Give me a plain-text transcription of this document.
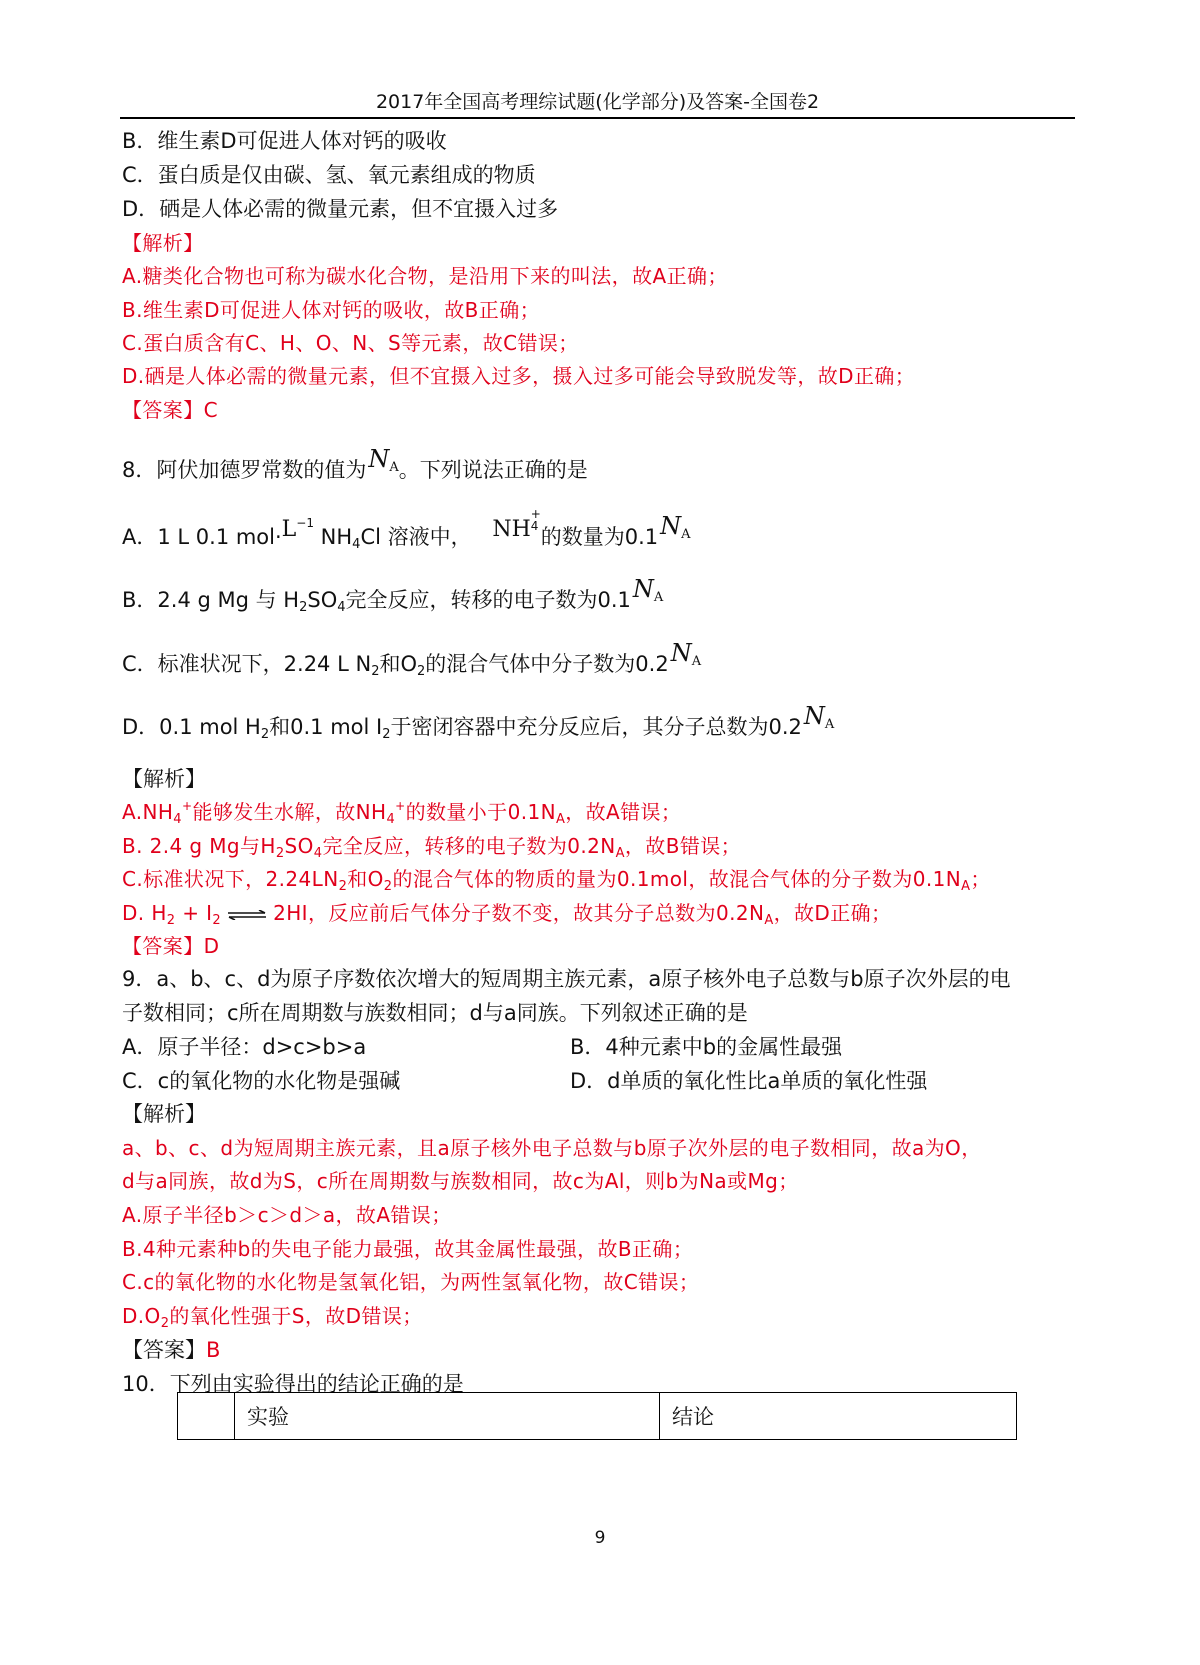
2017年全国高考理综试题(化学部分)及答案-全国卷2
B．维生素D可促进人体对钙的吸收
C．蛋白质是仅由碳、氢、氧元素组成的物质
D．硒是人体必需的微量元素，但不宜摄入过多
【解析】
A.糖类化合物也可称为碳水化合物，是沿用下来的叫法，故A正确；
B.维生素D可促进人体对钙的吸收，故B正确；
C.蛋白质含有C、H、O、N、S等元素，故C错误；
D.硒是人体必需的微量元素，但不宜摄入过多，摄入过多可能会导致脱发等，故D正确；
【答案】C
8．阿伏加德罗常数的值为$N^A$。下列说法正确的是
A．1 L 0.1 $mol\cdot L^{-1}$ $NH_4Cl$ 溶液中， NH
+
4 的数量为$0.1N^A$
B．2.4 g Mg 与 $H_2SO_4$完全反应，转移的电子数为$0.1N^A$
C．标准状况下，2.24 L $N_2$和$O_2$的混合气体中分子数为$0.2N^A$
D．0.1 mol $H_2$和0.1 mol $I_2$于密闭容器中充分反应后，其分子总数为$0.2N^A$
【解析】
$A.NH_4^+$能够发生水解，故$NH_4^+$的数量小于$0.1N_A$，故A错误；
B. 2.4 g Mg与$H_2SO_4$完全反应，转移的电子数为$0.2N_A$，故B错误；
C.标准状况下，$2.24LN_2$和$O_2$的混合气体的物质的量为0.1mol，故混合气体的分子数为$0.1N_A$；
D. $H_2 + I_2$ ⇌ 2HI，反应前后气体分子数不变，故其分子总数为$0.2N_A$，故D正确；
【答案】D
9．a、b、c、d为原子序数依次增大的短周期主族元素，a原子核外电子总数与b原子次外层的电
子数相同；c所在周期数与族数相同；d与a同族。下列叙述正确的是
A．原子半径：d>c>b>a	B．4种元素中b的金属性最强
C．c的氧化物的水化物是强碱	D．d单质的氧化性比a单质的氧化性强
【解析】
a、b、c、d为短周期主族元素，且a原子核外电子总数与b原子次外层的电子数相同，故a为O，
d与a同族，故d为S，c所在周期数与族数相同，故c为Al，则b为Na或Mg；
A.原子半径b＞c＞d＞a，故A错误；
B.4种元素种b的失电子能力最强，故其金属性最强，故B正确；
C.c的氧化物的水化物是氢氧化铝，为两性氢氧化物，故C错误；
$D.O_2$的氧化性强于S，故D错误；
【答案】B
10．下列由实验得出的结论正确的是
	实验	结论
9
